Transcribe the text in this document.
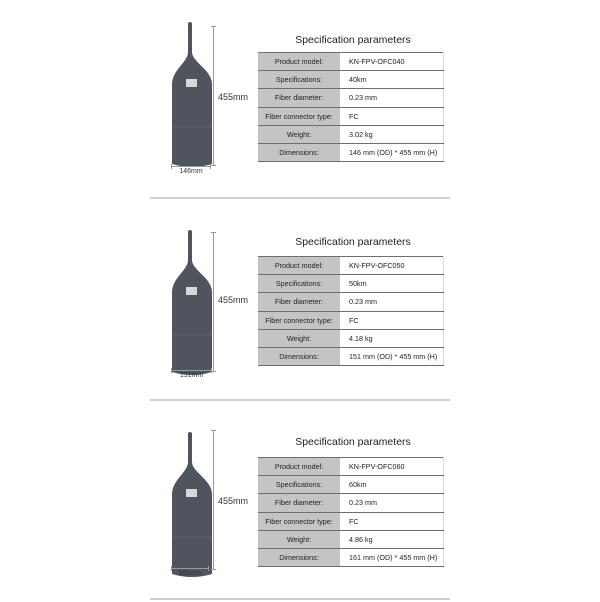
455mm
146mm
Specification parameters
Product model:	KN-FPV-OFC040
Specifications:	40km
Fiber diameter:	0.23 mm
Fiber connector type:	FC
Weight:	3.02 kg
Dimensions:	146 mm (OD) * 455 mm (H)
455mm
151mm
Specification parameters
Product model:	KN-FPV-OFC050
Specifications:	50km
Fiber diameter:	0.23 mm
Fiber connector type:	FC
Weight:	4.18 kg
Dimensions:	151 mm (OD) * 455 mm (H)
455mm
161mm
Specification parameters
Product model:	KN-FPV-OFC060
Specifications:	60km
Fiber diameter:	0.23 mm
Fiber connector type:	FC
Weight:	4.86 kg
Dimensions:	161 mm (OD) * 455 mm (H)
